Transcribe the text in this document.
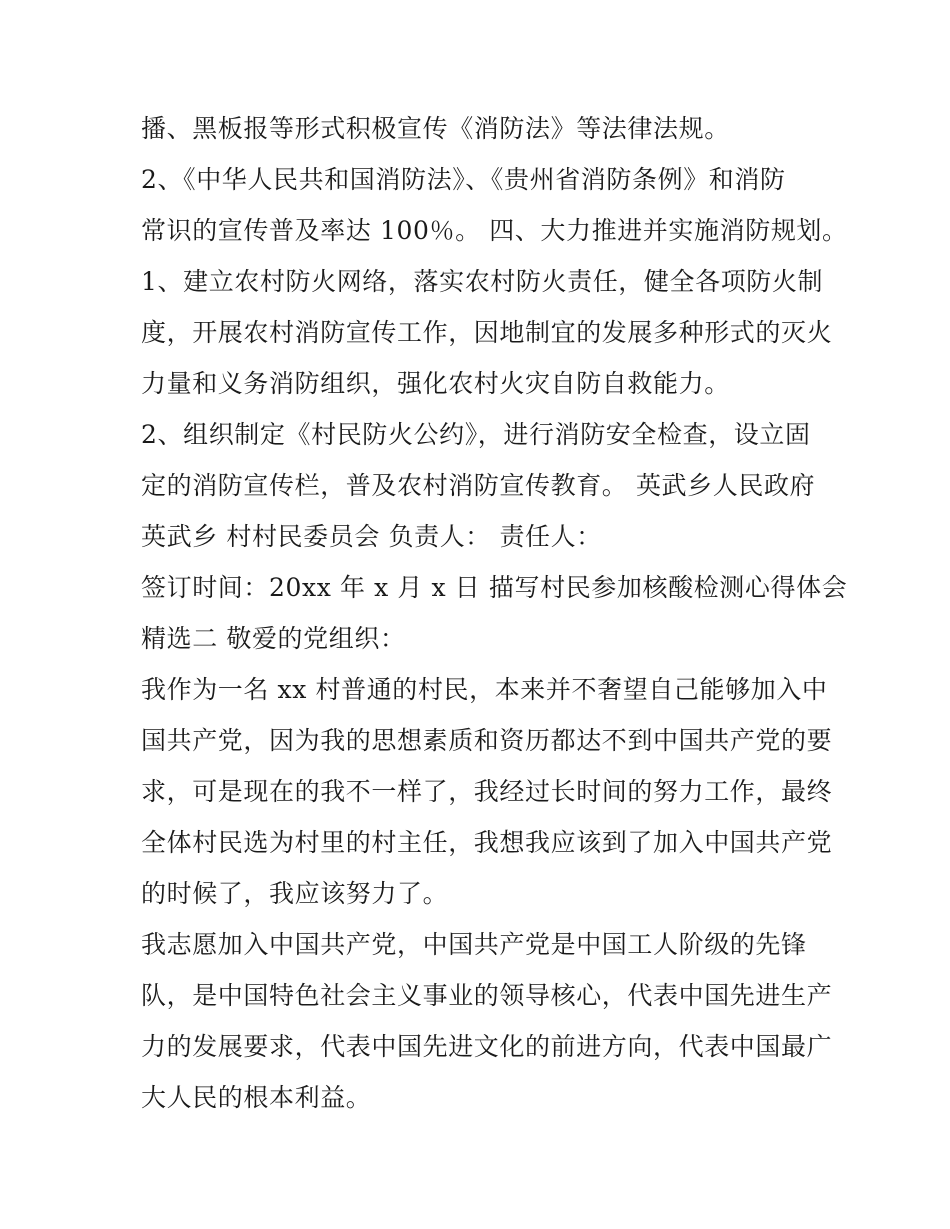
播、黑板报等形式积极宣传《消防法》等法律法规。
2、《中华人民共和国消防法》、《贵州省消防条例》和消防
常识的宣传普及率达 100％。 四、大力推进并实施消防规划。
1、建立农村防火网络，落实农村防火责任，健全各项防火制
度，开展农村消防宣传工作，因地制宜的发展多种形式的灭火
力量和义务消防组织，强化农村火灾自防自救能力。
2、组织制定《村民防火公约》，进行消防安全检查，设立固
定的消防宣传栏，普及农村消防宣传教育。 英武乡人民政府
英武乡 村村民委员会 负责人： 责任人：
签订时间：20xx 年 x 月 x 日 描写村民参加核酸检测心得体会
精选二 敬爱的党组织：
我作为一名 xx 村普通的村民，本来并不奢望自己能够加入中
国共产党，因为我的思想素质和资历都达不到中国共产党的要
求，可是现在的我不一样了，我经过长时间的努力工作，最终
全体村民选为村里的村主任，我想我应该到了加入中国共产党
的时候了，我应该努力了。
我志愿加入中国共产党，中国共产党是中国工人阶级的先锋
队，是中国特色社会主义事业的领导核心，代表中国先进生产
力的发展要求，代表中国先进文化的前进方向，代表中国最广
大人民的根本利益。
